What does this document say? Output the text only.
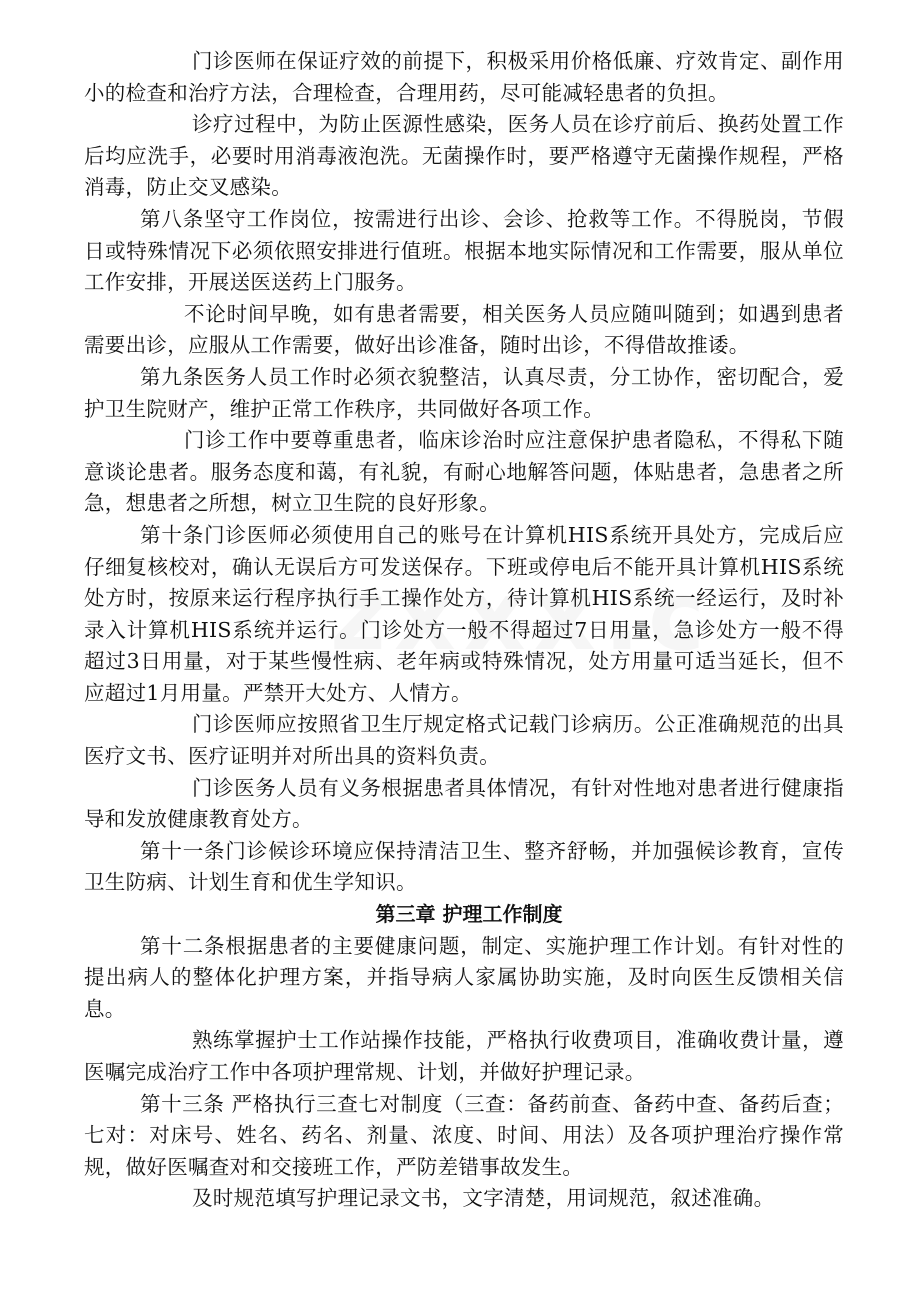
门诊医师在保证疗效的前提下，积极采用价格低廉、疗效肯定、副作用小的检查和治疗方法，合理检查，合理用药，尽可能减轻患者的负担。

诊疗过程中，为防止医源性感染，医务人员在诊疗前后、换药处置工作后均应洗手，必要时用消毒液泡洗。无菌操作时，要严格遵守无菌操作规程，严格消毒，防止交叉感染。

第八条坚守工作岗位，按需进行出诊、会诊、抢救等工作。不得脱岗，节假日或特殊情况下必须依照安排进行值班。根据本地实际情况和工作需要，服从单位工作安排，开展送医送药上门服务。

不论时间早晚，如有患者需要，相关医务人员应随叫随到；如遇到患者需要出诊，应服从工作需要，做好出诊准备，随时出诊，不得借故推诿。

第九条医务人员工作时必须衣貌整洁，认真尽责，分工协作，密切配合，爱护卫生院财产，维护正常工作秩序，共同做好各项工作。

门诊工作中要尊重患者，临床诊治时应注意保护患者隐私，不得私下随意谈论患者。服务态度和蔼，有礼貌，有耐心地解答问题，体贴患者，急患者之所急，想患者之所想，树立卫生院的良好形象。

第十条门诊医师必须使用自己的账号在计算机HIS系统开具处方，完成后应仔细复核校对，确认无误后方可发送保存。下班或停电后不能开具计算机HIS系统处方时，按原来运行程序执行手工操作处方，待计算机HIS系统一经运行，及时补录入计算机HIS系统并运行。门诊处方一般不得超过7日用量，急诊处方一般不得超过3日用量，对于某些慢性病、老年病或特殊情况，处方用量可适当延长，但不应超过1月用量。严禁开大处方、人情方。

门诊医师应按照省卫生厅规定格式记载门诊病历。公正准确规范的出具医疗文书、医疗证明并对所出具的资料负责。

门诊医务人员有义务根据患者具体情况，有针对性地对患者进行健康指导和发放健康教育处方。

第十一条门诊候诊环境应保持清洁卫生、整齐舒畅，并加强候诊教育，宣传卫生防病、计划生育和优生学知识。

第三章 护理工作制度

第十二条根据患者的主要健康问题，制定、实施护理工作计划。有针对性的提出病人的整体化护理方案，并指导病人家属协助实施，及时向医生反馈相关信息。

熟练掌握护士工作站操作技能，严格执行收费项目，准确收费计量，遵医嘱完成治疗工作中各项护理常规、计划，并做好护理记录。

第十三条 严格执行三查七对制度（三查：备药前查、备药中查、备药后查；七对：对床号、姓名、药名、剂量、浓度、时间、用法）及各项护理治疗操作常规，做好医嘱查对和交接班工作，严防差错事故发生。

及时规范填写护理记录文书，文字清楚，用词规范，叙述准确。
